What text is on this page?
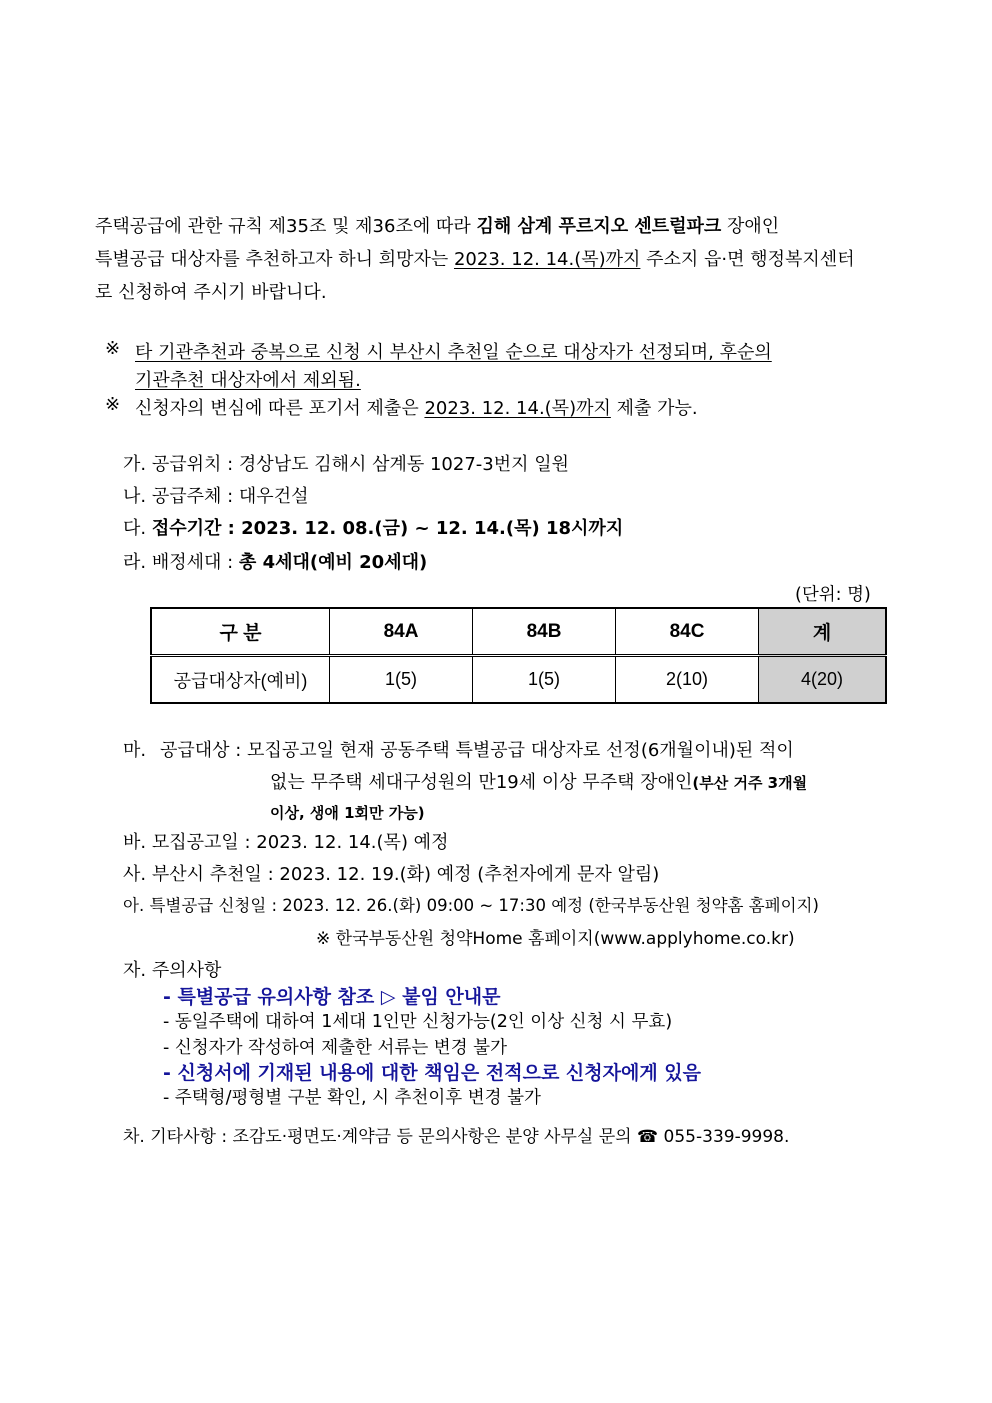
주택공급에 관한 규칙 제35조 및 제36조에 따라 김해 삼계 푸르지오 센트럴파크 장애인
특별공급 대상자를 추천하고자 하니 희망자는 2023. 12. 14.(목)까지 주소지 읍·면 행정복지센터
로 신청하여 주시기 바랍니다.
※ 타 기관추천과 중복으로 신청 시 부산시 추천일 순으로 대상자가 선정되며, 후순의
기관추천 대상자에서 제외됨.
※ 신청자의 변심에 따른 포기서 제출은 2023. 12. 14.(목)까지 제출 가능.
가. 공급위치 : 경상남도 김해시 삼계동 1027-3번지 일원
나. 공급주체 : 대우건설
다. 접수기간 : 2023. 12. 08.(금) ~ 12. 14.(목) 18시까지
라. 배정세대 : 총 4세대(예비 20세대)
(단위: 명)
구 분	84A	84B	84C	계
공급대상자(예비)	1(5)	1(5)	2(10)	4(20)
마. 공급대상 : 모집공고일 현재 공동주택 특별공급 대상자로 선정(6개월이내)된 적이
없는 무주택 세대구성원의 만19세 이상 무주택 장애인(부산 거주 3개월
이상, 생애 1회만 가능)
바. 모집공고일 : 2023. 12. 14.(목) 예정
사. 부산시 추천일 : 2023. 12. 19.(화) 예정 (추천자에게 문자 알림)
아. 특별공급 신청일 : 2023. 12. 26.(화) 09:00 ~ 17:30 예정 (한국부동산원 청약홈 홈페이지)
※ 한국부동산원 청약Home 홈페이지(www.applyhome.co.kr)
자. 주의사항
- 특별공급 유의사항 참조 ▷ 붙임 안내문
- 동일주택에 대하여 1세대 1인만 신청가능(2인 이상 신청 시 무효)
- 신청자가 작성하여 제출한 서류는 변경 불가
- 신청서에 기재된 내용에 대한 책임은 전적으로 신청자에게 있음
- 주택형/평형별 구분 확인, 시 추천이후 변경 불가
차. 기타사항 : 조감도·평면도·계약금 등 문의사항은 분양 사무실 문의 ☎ 055-339-9998.
